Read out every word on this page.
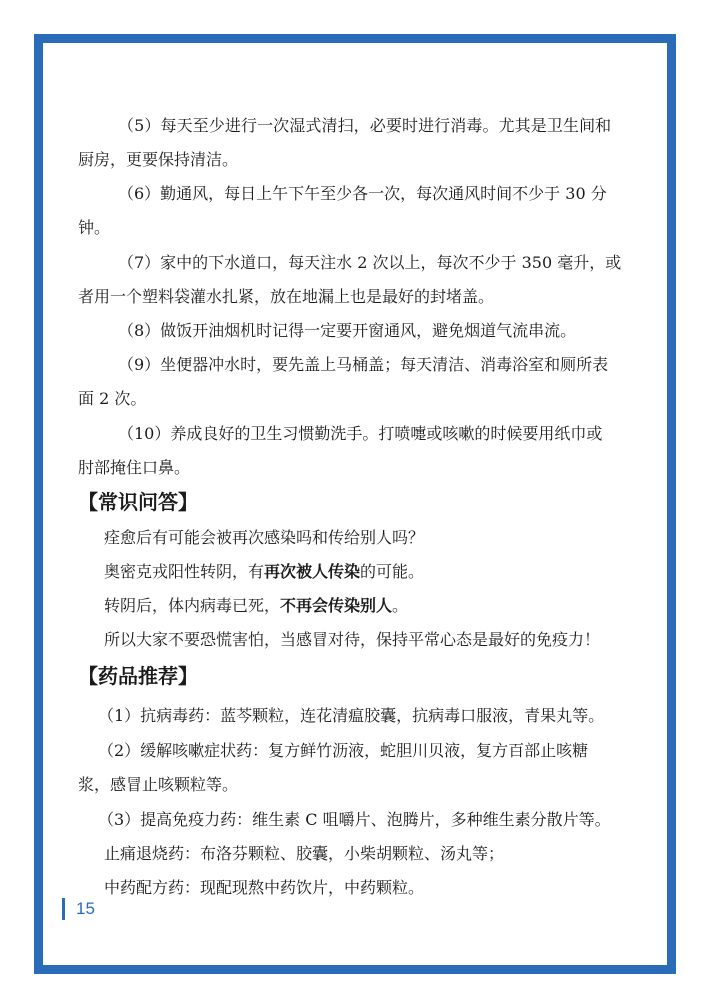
（5）每天至少进行一次湿式清扫，必要时进行消毒。尤其是卫生间和
厨房，更要保持清洁。
（6）勤通风，每日上午下午至少各一次，每次通风时间不少于 30 分
钟。
（7）家中的下水道口，每天注水 2 次以上，每次不少于 350 毫升，或
者用一个塑料袋灌水扎紧，放在地漏上也是最好的封堵盖。
（8）做饭开油烟机时记得一定要开窗通风，避免烟道气流串流。
（9）坐便器冲水时，要先盖上马桶盖；每天清洁、消毒浴室和厕所表
面 2 次。
（10）养成良好的卫生习惯勤洗手。打喷嚏或咳嗽的时候要用纸巾或
肘部掩住口鼻。
【常识问答】
痊愈后有可能会被再次感染吗和传给别人吗？
奥密克戎阳性转阴，有再次被人传染的可能。
转阴后，体内病毒已死，不再会传染别人。
所以大家不要恐慌害怕，当感冒对待，保持平常心态是最好的免疫力！
【药品推荐】
（1）抗病毒药：蓝芩颗粒，连花清瘟胶囊，抗病毒口服液，青果丸等。
（2）缓解咳嗽症状药：复方鲜竹沥液，蛇胆川贝液，复方百部止咳糖
浆，感冒止咳颗粒等。
（3）提高免疫力药：维生素 C 咀嚼片、泡腾片，多种维生素分散片等。
止痛退烧药：布洛芬颗粒、胶囊，小柴胡颗粒、汤丸等；
中药配方药：现配现熬中药饮片，中药颗粒。
15
